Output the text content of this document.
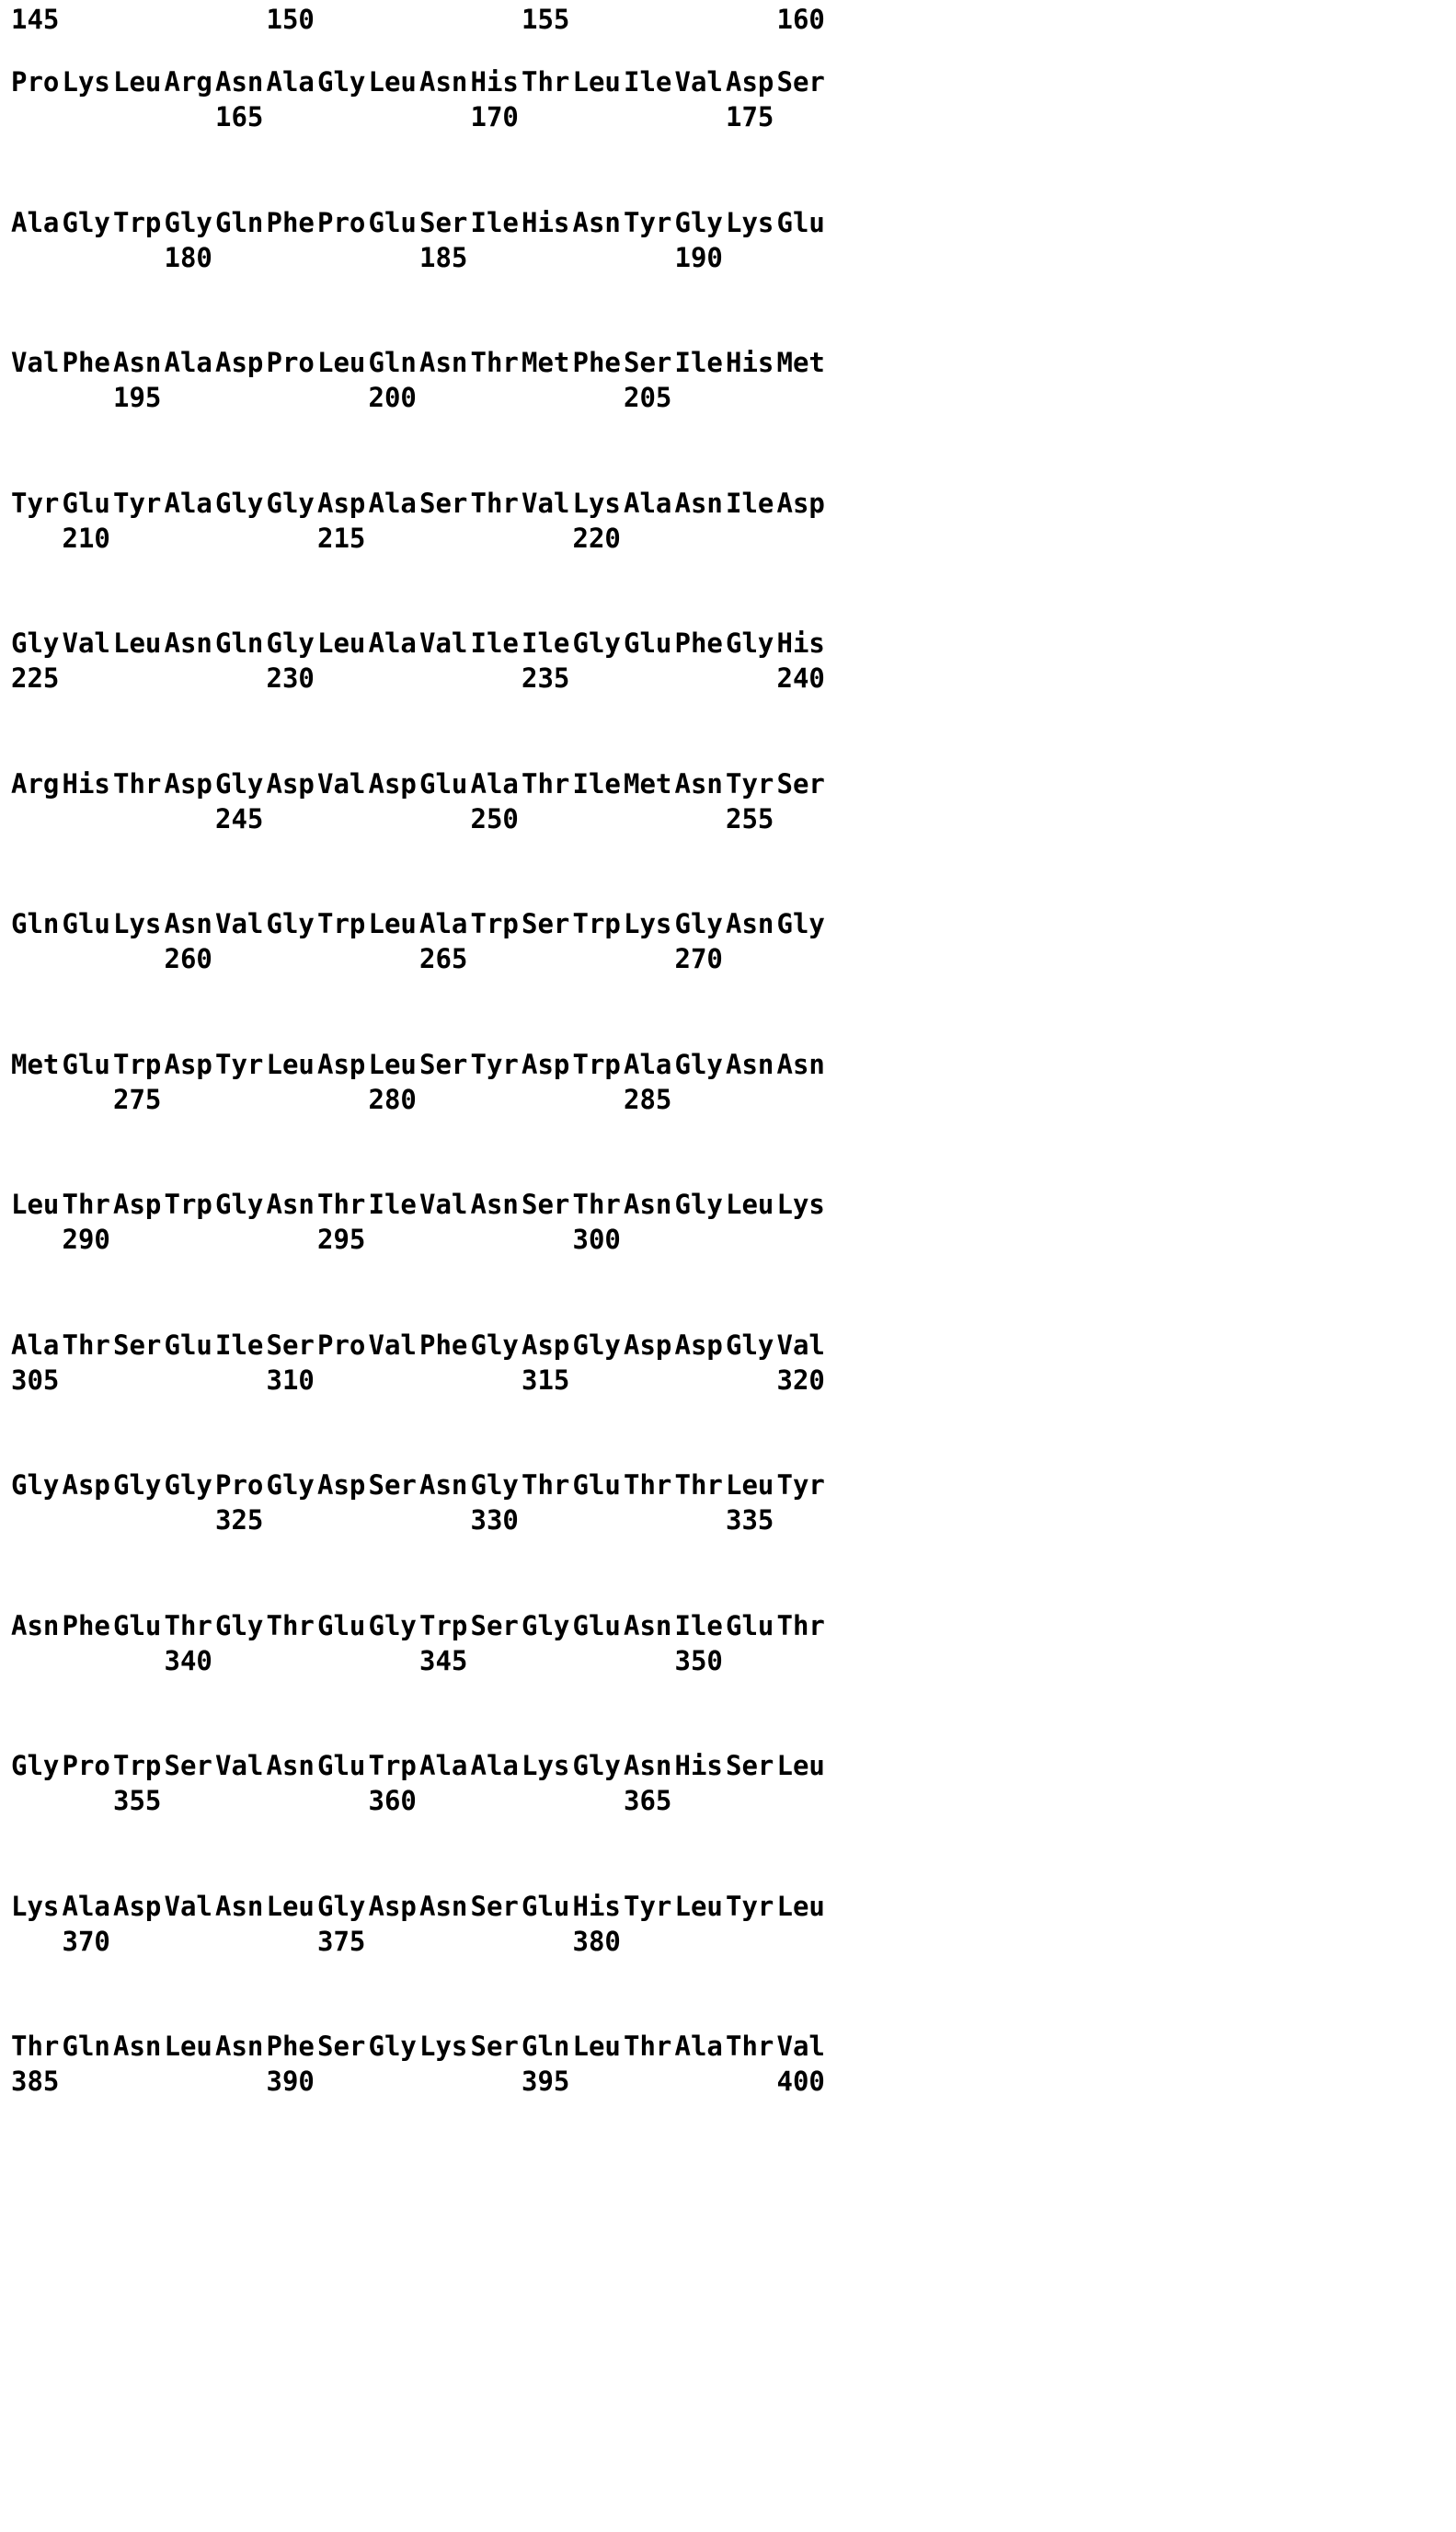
145	150	155	160
Pro Lys Leu Arg Asn Ala Gly Leu Asn His Thr Leu Ile Val Asp Ser
165	170	175
Ala Gly Trp Gly Gln Phe Pro Glu Ser Ile His Asn Tyr Gly Lys Glu
180	185	190
Val Phe Asn Ala Asp Pro Leu Gln Asn Thr Met Phe Ser Ile His Met
195	200	205
Tyr Glu Tyr Ala Gly Gly Asp Ala Ser Thr Val Lys Ala Asn Ile Asp
210	215	220
Gly Val Leu Asn Gln Gly Leu Ala Val Ile Ile Gly Glu Phe Gly His
225	230	235	240
Arg His Thr Asp Gly Asp Val Asp Glu Ala Thr Ile Met Asn Tyr Ser
245	250	255
Gln Glu Lys Asn Val Gly Trp Leu Ala Trp Ser Trp Lys Gly Asn Gly
260	265	270
Met Glu Trp Asp Tyr Leu Asp Leu Ser Tyr Asp Trp Ala Gly Asn Asn
275	280	285
Leu Thr Asp Trp Gly Asn Thr Ile Val Asn Ser Thr Asn Gly Leu Lys
290	295	300
Ala Thr Ser Glu Ile Ser Pro Val Phe Gly Asp Gly Asp Asp Gly Val
305	310	315	320
Gly Asp Gly Gly Pro Gly Asp Ser Asn Gly Thr Glu Thr Thr Leu Tyr
325	330	335
Asn Phe Glu Thr Gly Thr Glu Gly Trp Ser Gly Glu Asn Ile Glu Thr
340	345	350
Gly Pro Trp Ser Val Asn Glu Trp Ala Ala Lys Gly Asn His Ser Leu
355	360	365
Lys Ala Asp Val Asn Leu Gly Asp Asn Ser Glu His Tyr Leu Tyr Leu
370	375	380
Thr Gln Asn Leu Asn Phe Ser Gly Lys Ser Gln Leu Thr Ala Thr Val
385	390	395	400
